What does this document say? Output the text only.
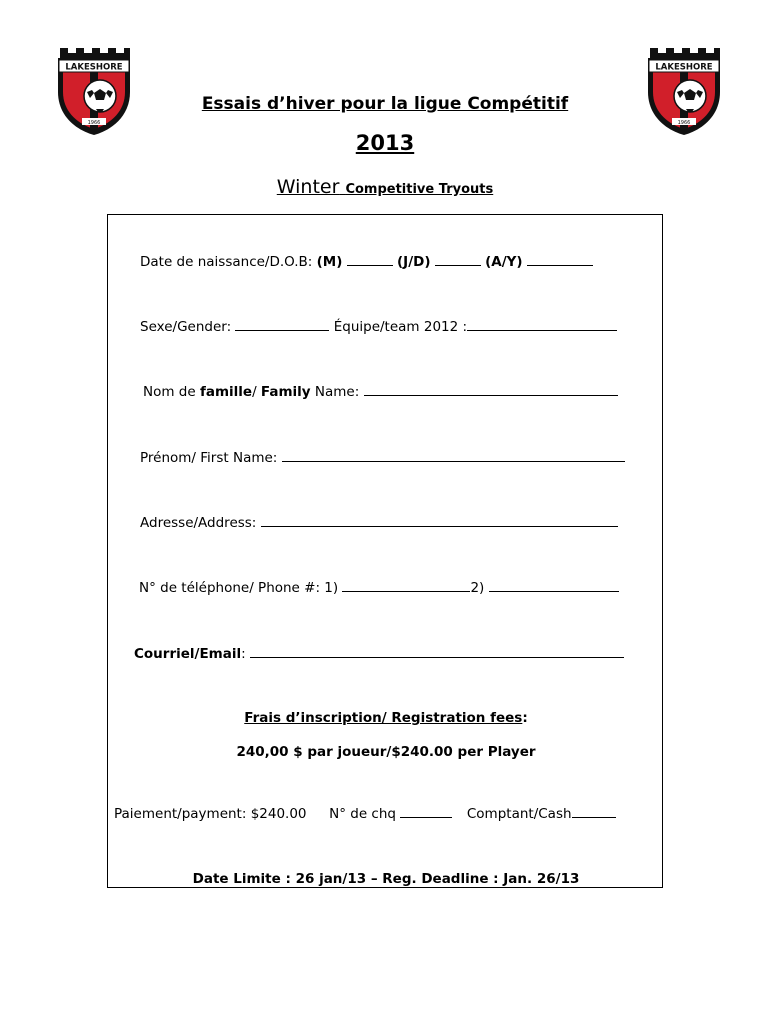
LAKESHORE
1966
LAKESHORE
1966
Essais d’hiver pour la ligue Compétitif
2013
Winter Competitive Tryouts
Date de naissance/D.O.B: (M)	(J/D)	(A/Y)
Sexe/Gender:	Équipe/team 2012 :
Nom de famille/ Family Name:
Prénom/ First Name:
Adresse/Address:
N° de téléphone/ Phone #: 1)	2)
Courriel/Email:
Frais d’inscription/ Registration fees:
240,00 $ par joueur/$240.00 per Player
Paiement/payment: $240.00 N° de chq	Comptant/Cash
Date Limite : 26 jan/13 – Reg. Deadline : Jan. 26/13
